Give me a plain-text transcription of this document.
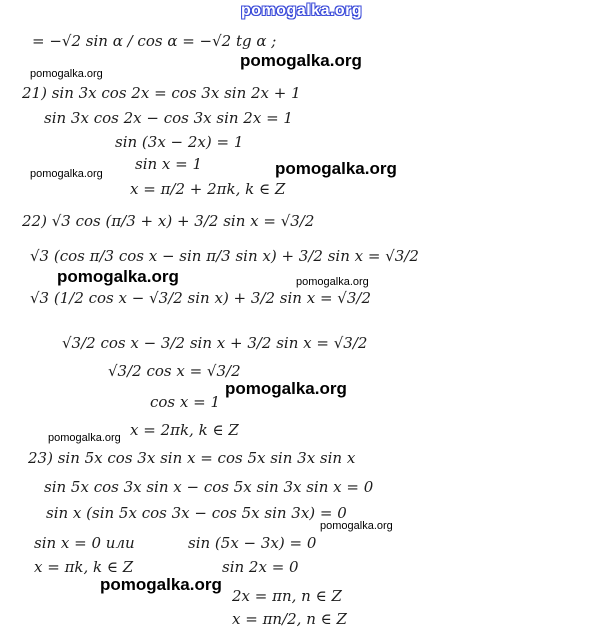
pomogalka.org
= −√2 sin α / cos α = −√2 tg α ;
pomogalka.org
pomogalka.org
21) sin 3x cos 2x = cos 3x sin 2x + 1
sin 3x cos 2x − cos 3x sin 2x = 1
sin (3x − 2x) = 1
sin x = 1	pomogalka.org
pomogalka.org
x = π/2 + 2πk, k ∈ Z
22) √3 cos (π/3 + x) + 3/2 sin x = √3/2
√3 (cos π/3 cos x − sin π/3 sin x) + 3/2 sin x = √3/2
pomogalka.org	pomogalka.org
√3 (1/2 cos x − √3/2 sin x) + 3/2 sin x = √3/2
√3/2 cos x − 3/2 sin x + 3/2 sin x = √3/2
√3/2 cos x = √3/2
pomogalka.org
cos x = 1
x = 2πk, k ∈ Z
pomogalka.org
23) sin 5x cos 3x sin x = cos 5x sin 3x sin x
sin 5x cos 3x sin x − cos 5x sin 3x sin x = 0
sin x (sin 5x cos 3x − cos 5x sin 3x) = 0
pomogalka.org
sin x = 0 или	sin (5x − 3x) = 0
x = πk, k ∈ Z	sin 2x = 0
pomogalka.org
2x = πn, n ∈ Z
x = πn/2, n ∈ Z
